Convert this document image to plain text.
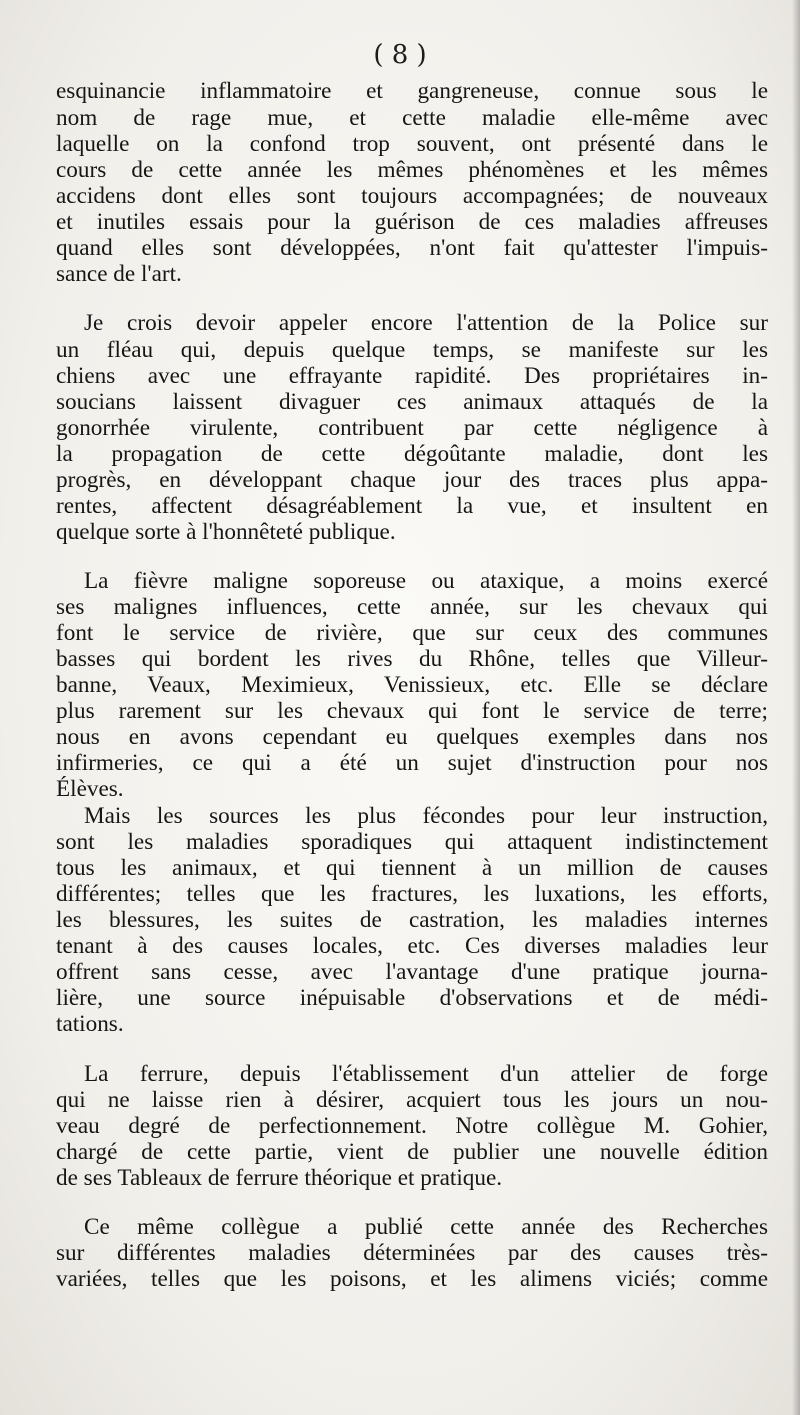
( 8 )
esquinancie inflammatoire et gangreneuse, connue sous le
nom de rage mue, et cette maladie elle-même avec
laquelle on la confond trop souvent, ont présenté dans le
cours de cette année les mêmes phénomènes et les mêmes
accidens dont elles sont toujours accompagnées; de nouveaux
et inutiles essais pour la guérison de ces maladies affreuses
quand elles sont développées, n'ont fait qu'attester l'impuis-
sance de l'art.
Je crois devoir appeler encore l'attention de la Police sur
un fléau qui, depuis quelque temps, se manifeste sur les
chiens avec une effrayante rapidité. Des propriétaires in-
soucians laissent divaguer ces animaux attaqués de la
gonorrhée virulente, contribuent par cette négligence à
la propagation de cette dégoûtante maladie, dont les
progrès, en développant chaque jour des traces plus appa-
rentes, affectent désagréablement la vue, et insultent en
quelque sorte à l'honnêteté publique.
La fièvre maligne soporeuse ou ataxique, a moins exercé
ses malignes influences, cette année, sur les chevaux qui
font le service de rivière, que sur ceux des communes
basses qui bordent les rives du Rhône, telles que Villeur-
banne, Veaux, Meximieux, Venissieux, etc. Elle se déclare
plus rarement sur les chevaux qui font le service de terre;
nous en avons cependant eu quelques exemples dans nos
infirmeries, ce qui a été un sujet d'instruction pour nos
Élèves.
Mais les sources les plus fécondes pour leur instruction,
sont les maladies sporadiques qui attaquent indistinctement
tous les animaux, et qui tiennent à un million de causes
différentes; telles que les fractures, les luxations, les efforts,
les blessures, les suites de castration, les maladies internes
tenant à des causes locales, etc. Ces diverses maladies leur
offrent sans cesse, avec l'avantage d'une pratique journa-
lière, une source inépuisable d'observations et de médi-
tations.
La ferrure, depuis l'établissement d'un attelier de forge
qui ne laisse rien à désirer, acquiert tous les jours un nou-
veau degré de perfectionnement. Notre collègue M. Gohier,
chargé de cette partie, vient de publier une nouvelle édition
de ses Tableaux de ferrure théorique et pratique.
Ce même collègue a publié cette année des Recherches
sur différentes maladies déterminées par des causes très-
variées, telles que les poisons, et les alimens viciés; comme
